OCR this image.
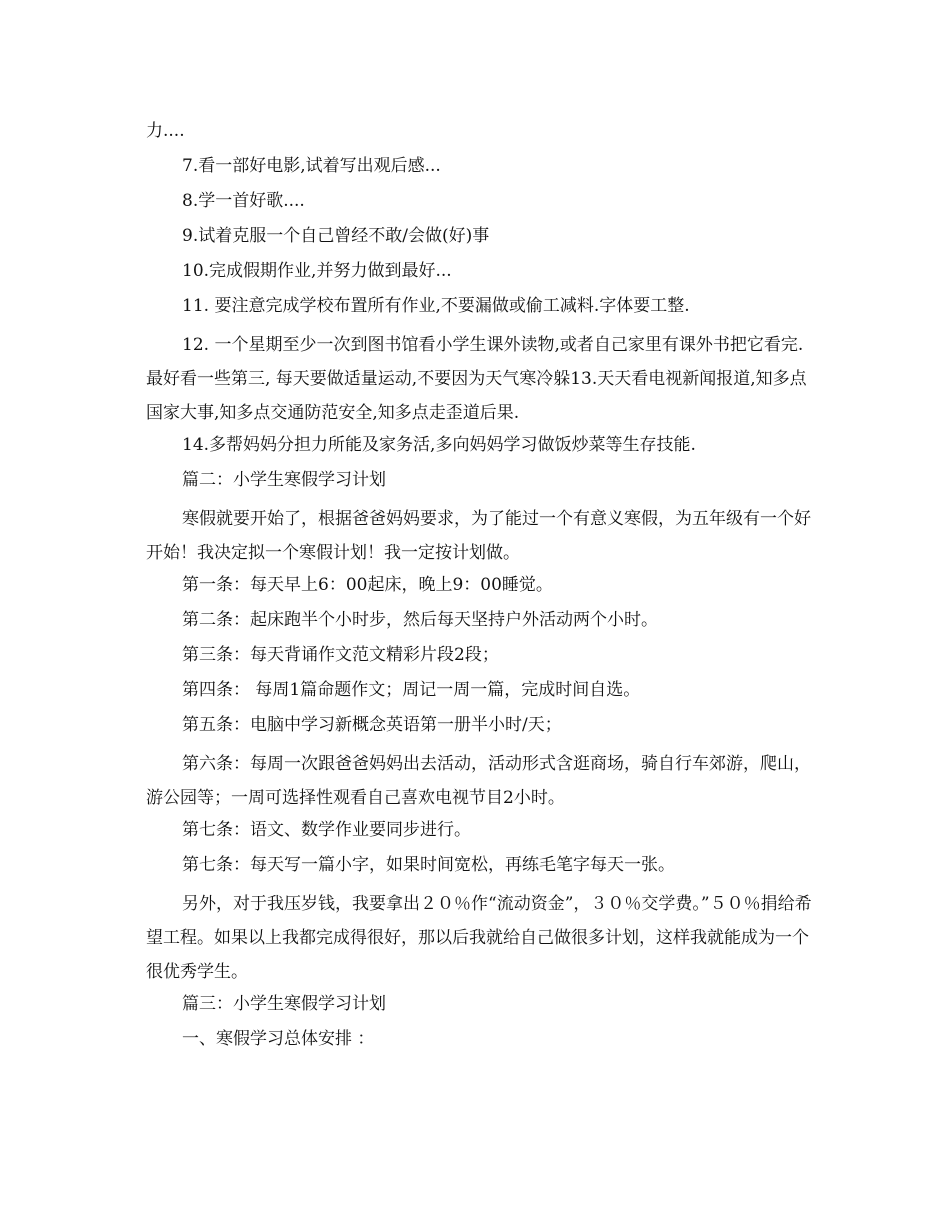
力....

7.看一部好电影,试着写出观后感...

8.学一首好歌....

9.试着克服一个自己曾经不敢/会做(好)事

10.完成假期作业,并努力做到最好...

11. 要注意完成学校布置所有作业,不要漏做或偷工减料.字体要工整.

12. 一个星期至少一次到图书馆看小学生课外读物,或者自己家里有课外书把它看完.最好看一些第三, 每天要做适量运动,不要因为天气寒冷躲13.天天看电视新闻报道,知多点国家大事,知多点交通防范安全,知多点走歪道后果.

14.多帮妈妈分担力所能及家务活,多向妈妈学习做饭炒菜等生存技能.

篇二：小学生寒假学习计划

寒假就要开始了，根据爸爸妈妈要求，为了能过一个有意义寒假，为五年级有一个好开始！我决定拟一个寒假计划！我一定按计划做。

第一条：每天早上6：00起床，晚上9：00睡觉。

第二条：起床跑半个小时步，然后每天坚持户外活动两个小时。

第三条：每天背诵作文范文精彩片段2段；

第四条： 每周1篇命题作文；周记一周一篇，完成时间自选。

第五条：电脑中学习新概念英语第一册半小时/天；

第六条：每周一次跟爸爸妈妈出去活动，活动形式含逛商场，骑自行车郊游，爬山，游公园等；一周可选择性观看自己喜欢电视节目2小时。

第七条：语文、数学作业要同步进行。

第七条：每天写一篇小字，如果时间宽松，再练毛笔字每天一张。

另外，对于我压岁钱，我要拿出２０％作“流动资金”，３０％交学费。”５０％捐给希望工程。如果以上我都完成得很好，那以后我就给自己做很多计划，这样我就能成为一个很优秀学生。

篇三：小学生寒假学习计划

一、寒假学习总体安排 ：
